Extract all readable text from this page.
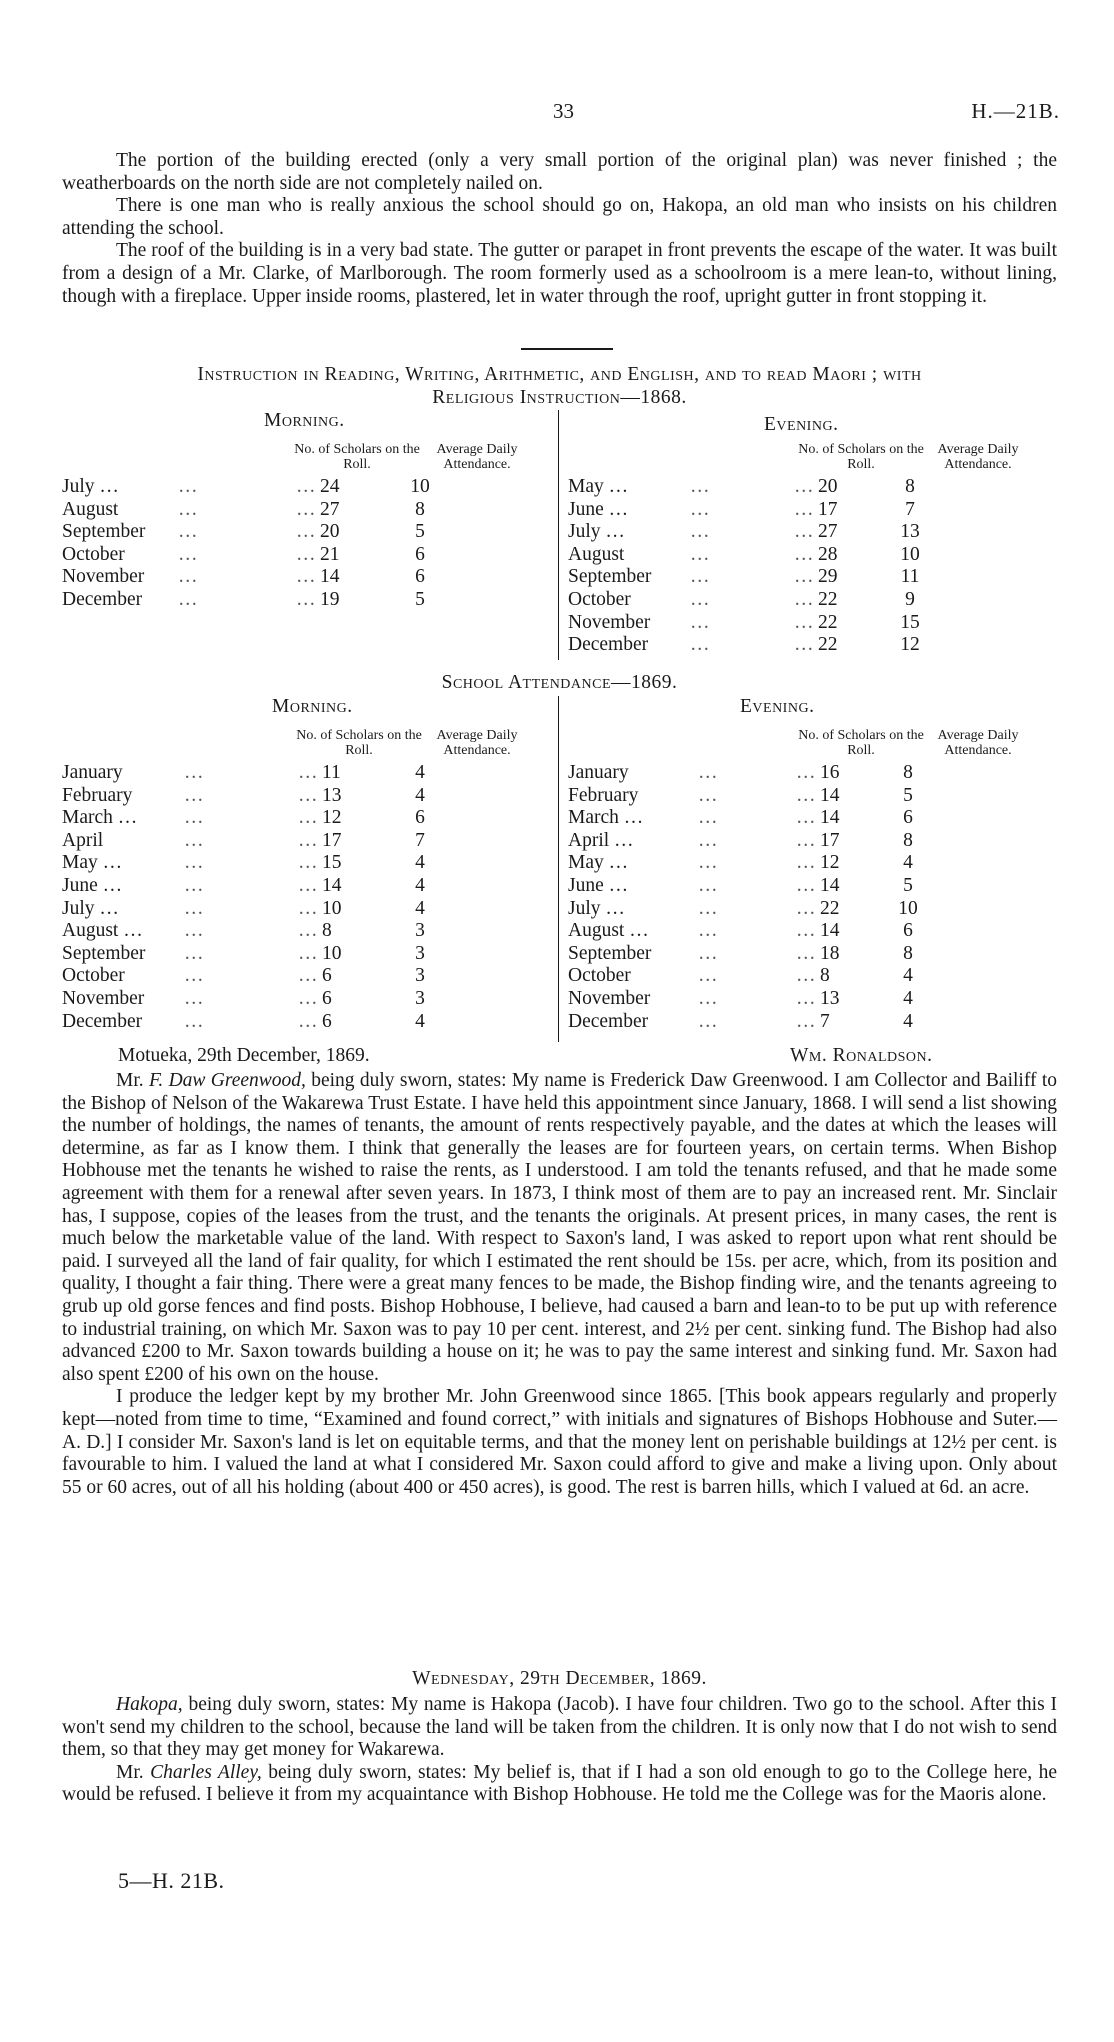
33	H.—21B.

The portion of the building erected (only a very small portion of the original plan) was never finished ; the weatherboards on the north side are not completely nailed on.

There is one man who is really anxious the school should go on, Hakopa, an old man who insists on his children attending the school.

The roof of the building is in a very bad state. The gutter or parapet in front prevents the escape of the water. It was built from a design of a Mr. Clarke, of Marlborough. The room formerly used as a schoolroom is a mere lean-to, without lining, though with a fireplace. Upper inside rooms, plastered, let in water through the roof, upright gutter in front stopping it.

Instruction in Reading, Writing, Arithmetic, and English, and to read Maori ; with
Religious Instruction—1868.
Morning.
No. of Scholars on the Roll.
Average Daily Attendance.
July …	…	… 24	10
August	…	… 27	8
September …	… 20	5
October	…	… 21	6
November …	… 14	6
December …	… 19	5
Evening.
No. of Scholars on the Roll.
Average Daily Attendance.
May …	…	… 20	8
June …	…	… 17	7
July …	…	… 27	13
August	…	… 28	10
September …	… 29	11
October	…	… 22	9
November …	… 22	15
December …	… 22	12
School Attendance—1869.
Morning.
No. of Scholars on the Roll.
Average Daily Attendance.
January	…	… 11	4
February	…	… 13	4
March … …	… 12	6
April	…	… 17	7
May …	…	… 15	4
June …	…	… 14	4
July …	…	… 10	4
August … …	… 8	3
September …	… 10	3
October	…	… 6	3
November …	… 6	3
December …	… 6	4
Evening.
No. of Scholars on the Roll.
Average Daily Attendance.
January	…	… 16	8
February	…	… 14	5
March …	…	… 14	6
April …	…	… 17	8
May …	…	… 12	4
June …	…	… 14	5
July …	…	… 22	10
August …	…	… 14	6
September …	… 18	8
October	…	… 8	4
November …	… 13	4
December	…	… 7	4
Motueka, 29th December, 1869.	Wm. Ronaldson.

Mr. F. Daw Greenwood, being duly sworn, states: My name is Frederick Daw Greenwood. I am Collector and Bailiff to the Bishop of Nelson of the Wakarewa Trust Estate. I have held this appointment since January, 1868. I will send a list showing the number of holdings, the names of tenants, the amount of rents respectively payable, and the dates at which the leases will determine, as far as I know them. I think that generally the leases are for fourteen years, on certain terms. When Bishop Hobhouse met the tenants he wished to raise the rents, as I understood. I am told the tenants refused, and that he made some agreement with them for a renewal after seven years. In 1873, I think most of them are to pay an increased rent. Mr. Sinclair has, I suppose, copies of the leases from the trust, and the tenants the originals. At present prices, in many cases, the rent is much below the marketable value of the land. With respect to Saxon's land, I was asked to report upon what rent should be paid. I surveyed all the land of fair quality, for which I estimated the rent should be 15s. per acre, which, from its position and quality, I thought a fair thing. There were a great many fences to be made, the Bishop finding wire, and the tenants agreeing to grub up old gorse fences and find posts. Bishop Hobhouse, I believe, had caused a barn and lean-to to be put up with reference to industrial training, on which Mr. Saxon was to pay 10 per cent. interest, and 2½ per cent. sinking fund. The Bishop had also advanced £200 to Mr. Saxon towards building a house on it; he was to pay the same interest and sinking fund. Mr. Saxon had also spent £200 of his own on the house.

I produce the ledger kept by my brother Mr. John Greenwood since 1865. [This book appears regularly and properly kept—noted from time to time, “Examined and found correct,” with initials and signatures of Bishops Hobhouse and Suter.—A. D.] I consider Mr. Saxon's land is let on equitable terms, and that the money lent on perishable buildings at 12½ per cent. is favourable to him. I valued the land at what I considered Mr. Saxon could afford to give and make a living upon. Only about 55 or 60 acres, out of all his holding (about 400 or 450 acres), is good. The rest is barren hills, which I valued at 6d. an acre.

Wednesday, 29th December, 1869.

Hakopa, being duly sworn, states: My name is Hakopa (Jacob). I have four children. Two go to the school. After this I won't send my children to the school, because the land will be taken from the children. It is only now that I do not wish to send them, so that they may get money for Wakarewa.

Mr. Charles Alley, being duly sworn, states: My belief is, that if I had a son old enough to go to the College here, he would be refused. I believe it from my acquaintance with Bishop Hobhouse. He told me the College was for the Maoris alone.

5—H. 21B.
